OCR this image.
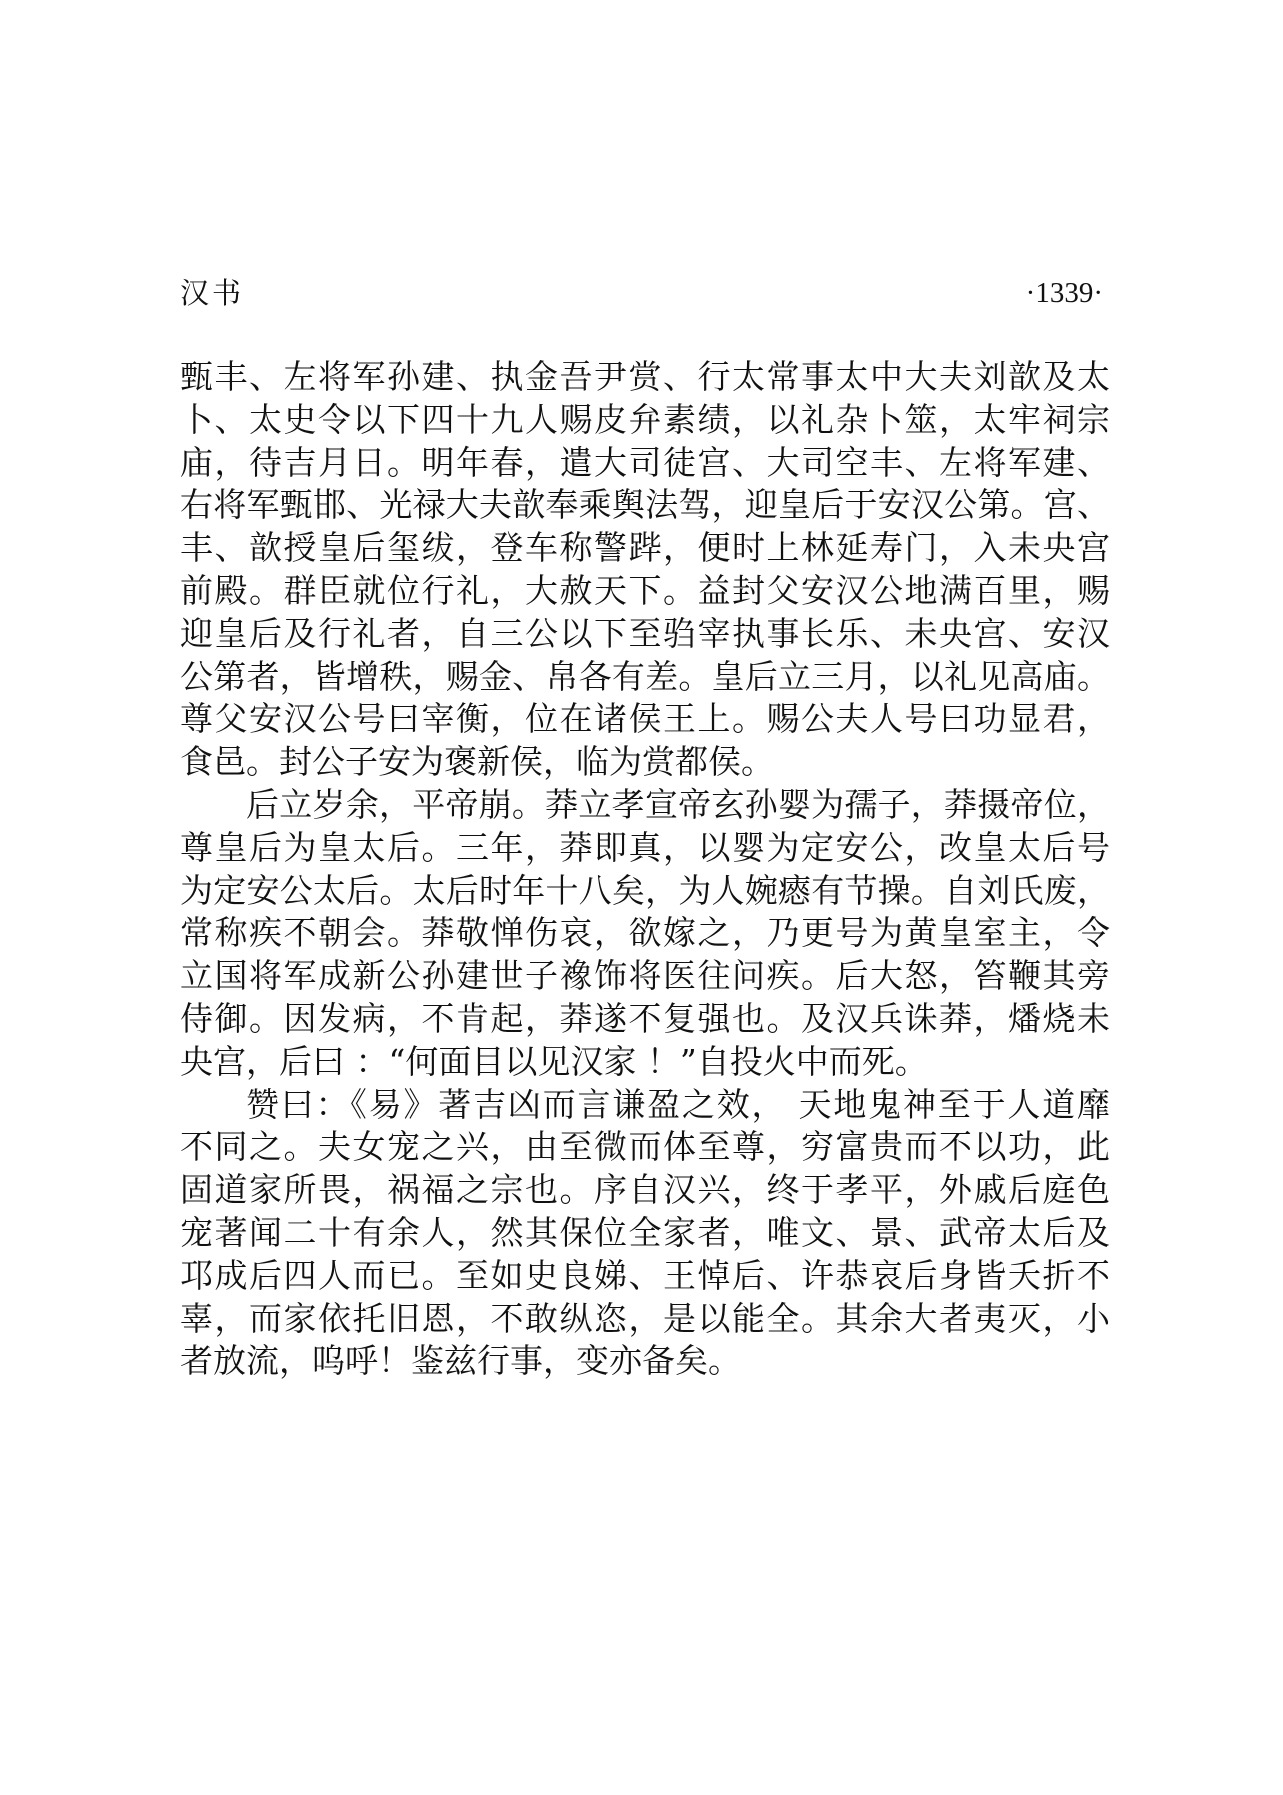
汉书	·1339·
甄丰、左将军孙建、执金吾尹赏、行太常事太中大夫刘歆及太
卜、太史令以下四十九人赐皮弁素绩，以礼杂卜筮，太牢祠宗
庙，待吉月日。明年春，遣大司徒宫、大司空丰、左将军建、
右将军甄邯、光禄大夫歆奉乘舆法驾，迎皇后于安汉公第。宫、
丰、歆授皇后玺绂，登车称警跸，便时上林延寿门，入未央宫
前殿。群臣就位行礼，大赦天下。益封父安汉公地满百里，赐
迎皇后及行礼者，自三公以下至驺宰执事长乐、未央宫、安汉
公第者，皆增秩，赐金、帛各有差。皇后立三月，以礼见高庙。
尊父安汉公号曰宰衡，位在诸侯王上。赐公夫人号曰功显君，
食邑。封公子安为褒新侯，临为赏都侯。
后立岁余，平帝崩。莽立孝宣帝玄孙婴为孺子，莽摄帝位，
尊皇后为皇太后。三年，莽即真，以婴为定安公，改皇太后号
为定安公太后。太后时年十八矣，为人婉瘱有节操。自刘氏废，
常称疾不朝会。莽敬惮伤哀，欲嫁之，乃更号为黄皇室主，令
立国将军成新公孙建世子襐饰将医往问疾。后大怒，笞鞭其旁
侍御。因发病，不肯起，莽遂不复强也。及汉兵诛莽，燔烧未
央宫，后曰 ：“何面目以见汉家 ！”自投火中而死。
赞曰：《易》著吉凶而言谦盈之效， 天地鬼神至于人道靡
不同之。夫女宠之兴，由至微而体至尊，穷富贵而不以功，此
固道家所畏，祸福之宗也。序自汉兴，终于孝平，外戚后庭色
宠著闻二十有余人，然其保位全家者，唯文、景、武帝太后及
邛成后四人而已。至如史良娣、王悼后、许恭哀后身皆夭折不
辜，而家依托旧恩，不敢纵恣，是以能全。其余大者夷灭，小
者放流，呜呼！鉴兹行事，变亦备矣。
